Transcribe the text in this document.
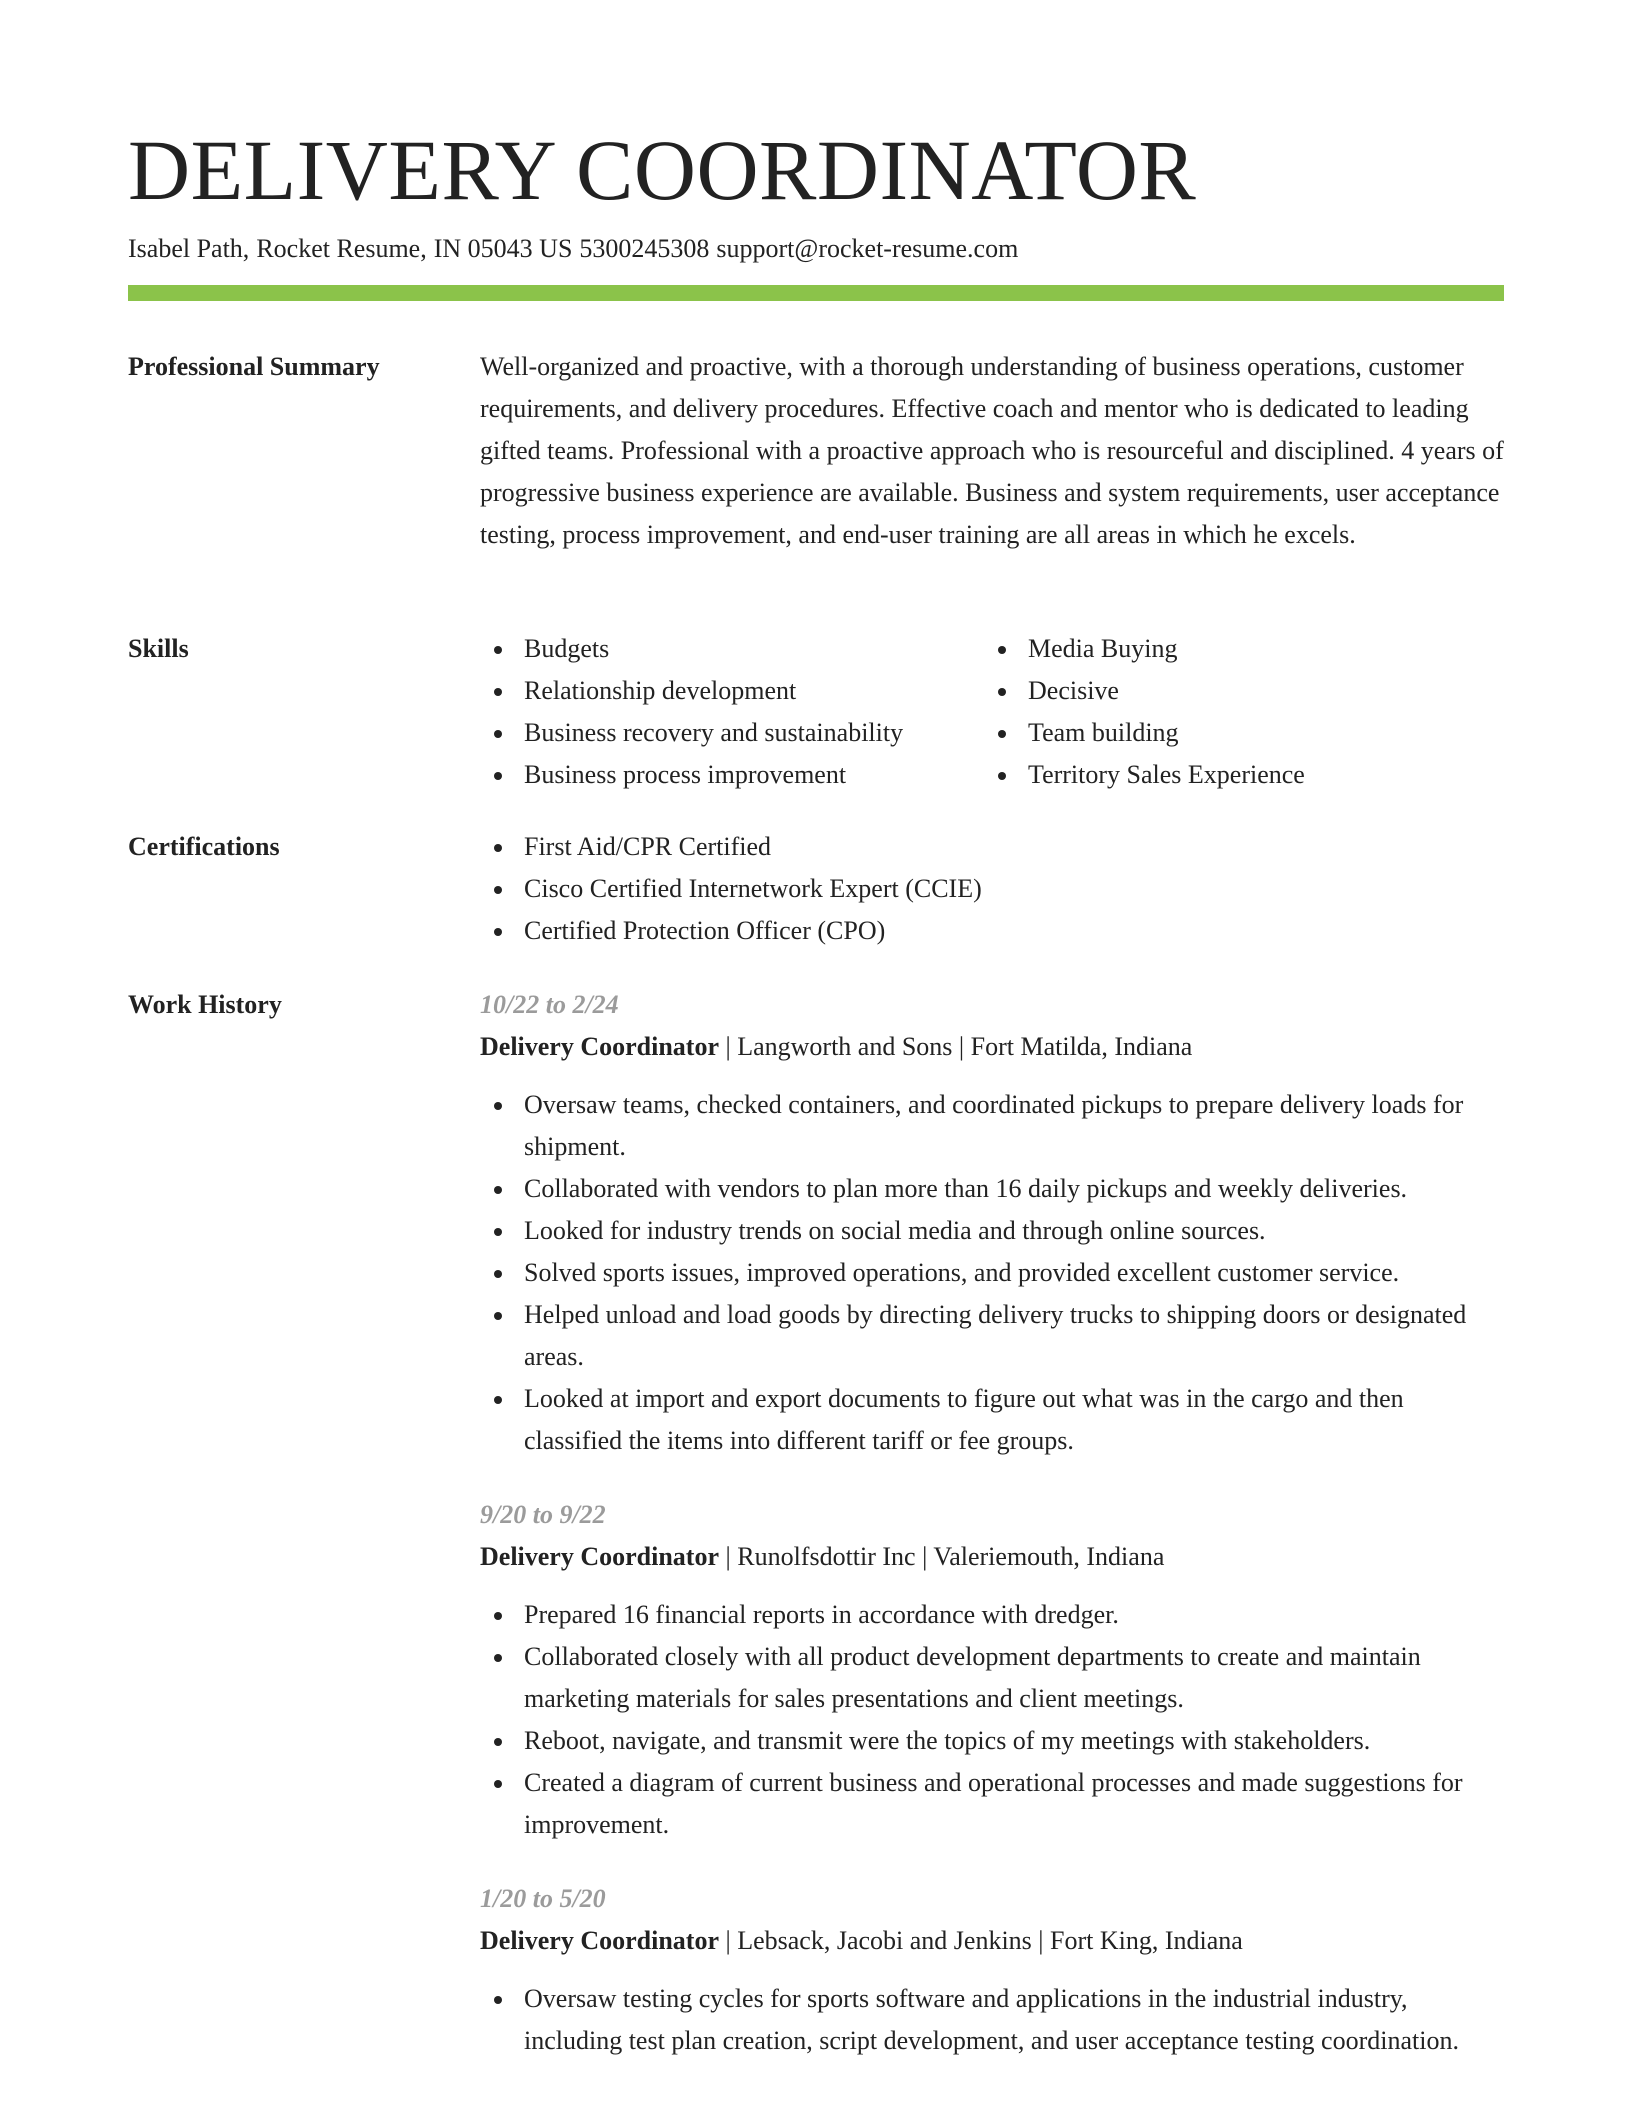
DELIVERY COORDINATOR
Isabel Path, Rocket Resume, IN 05043 US 5300245308 support@rocket-resume.com
Professional Summary	Well-organized and proactive, with a thorough understanding of business operations, customer requirements, and delivery procedures. Effective coach and mentor who is dedicated to leading gifted teams. Professional with a proactive approach who is resourceful and disciplined. 4 years of progressive business experience are available. Business and system requirements, user acceptance testing, process improvement, and end-user training are all areas in which he excels.

Skills	Budgets
Relationship development
Business recovery and sustainability
Business process improvement
Media Buying
Decisive
Team building
Territory Sales Experience
Certifications	First Aid/CPR Certified
Cisco Certified Internetwork Expert (CCIE)
Certified Protection Officer (CPO)
Work History	10/22 to 2/24
Delivery Coordinator | Langworth and Sons | Fort Matilda, Indiana
Oversaw teams, checked containers, and coordinated pickups to prepare delivery loads for shipment.
Collaborated with vendors to plan more than 16 daily pickups and weekly deliveries.
Looked for industry trends on social media and through online sources.
Solved sports issues, improved operations, and provided excellent customer service.
Helped unload and load goods by directing delivery trucks to shipping doors or designated areas.
Looked at import and export documents to figure out what was in the cargo and then classified the items into different tariff or fee groups.
9/20 to 9/22
Delivery Coordinator | Runolfsdottir Inc | Valeriemouth, Indiana
Prepared 16 financial reports in accordance with dredger.
Collaborated closely with all product development departments to create and maintain marketing materials for sales presentations and client meetings.
Reboot, navigate, and transmit were the topics of my meetings with stakeholders.
Created a diagram of current business and operational processes and made suggestions for improvement.
1/20 to 5/20
Delivery Coordinator | Lebsack, Jacobi and Jenkins | Fort King, Indiana
Oversaw testing cycles for sports software and applications in the industrial industry, including test plan creation, script development, and user acceptance testing coordination.
